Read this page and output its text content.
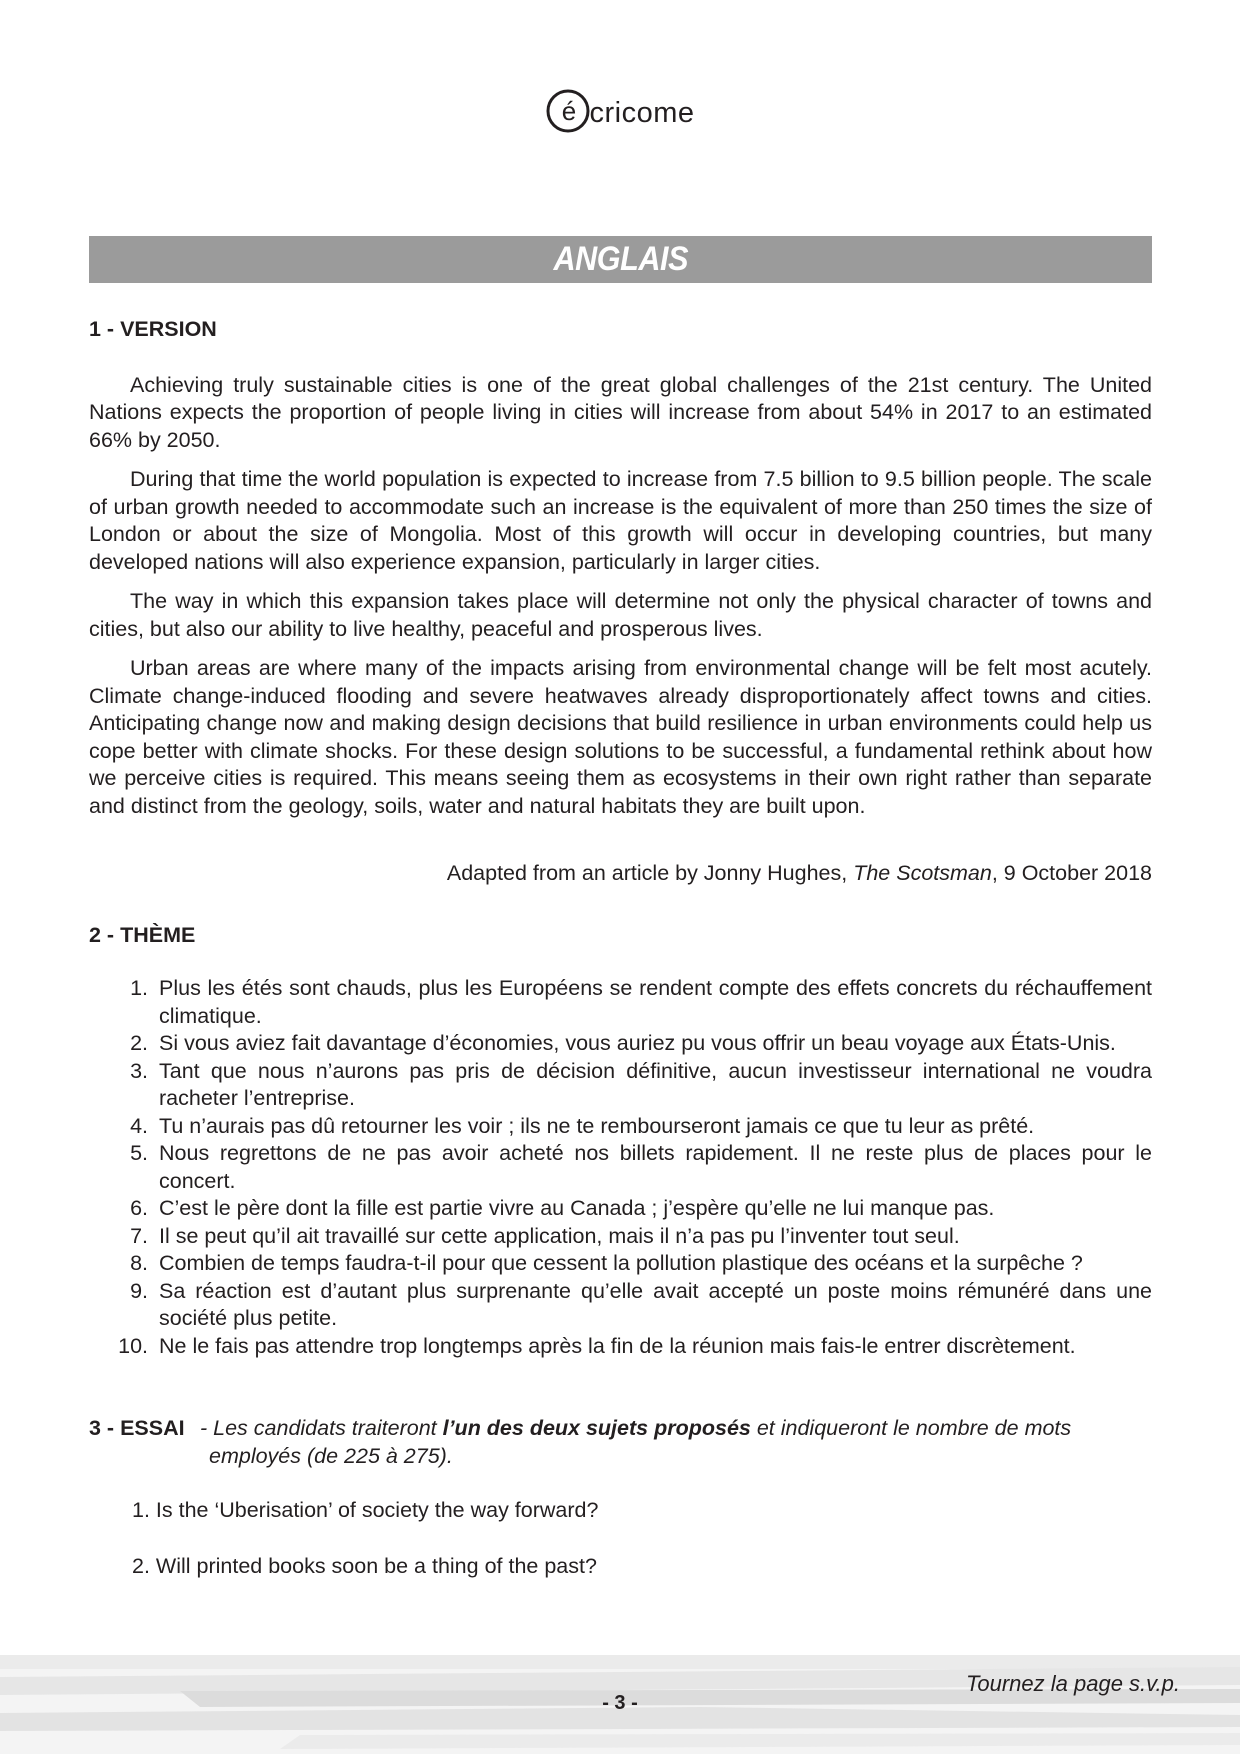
é cricome
ANGLAIS

1 - VERSION

Achieving truly sustainable cities is one of the great global challenges of the 21st century. The United Nations expects the proportion of people living in cities will increase from about 54% in 2017 to an estimated 66% by 2050.

During that time the world population is expected to increase from 7.5 billion to 9.5 billion people. The scale of urban growth needed to accommodate such an increase is the equivalent of more than 250 times the size of London or about the size of Mongolia. Most of this growth will occur in developing countries, but many developed nations will also experience expansion, particularly in larger cities.

The way in which this expansion takes place will determine not only the physical character of towns and cities, but also our ability to live healthy, peaceful and prosperous lives.

Urban areas are where many of the impacts arising from environmental change will be felt most acutely. Climate change-induced flooding and severe heatwaves already disproportionately affect towns and cities. Anticipating change now and making design decisions that build resilience in urban environments could help us cope better with climate shocks. For these design solutions to be successful, a fundamental rethink about how we perceive cities is required. This means seeing them as ecosystems in their own right rather than separate and distinct from the geology, soils, water and natural habitats they are built upon.

Adapted from an article by Jonny Hughes, The Scotsman, 9 October 2018

2 - THÈME

1. Plus les étés sont chauds, plus les Européens se rendent compte des effets concrets du réchauffement climatique.
2. Si vous aviez fait davantage d’économies, vous auriez pu vous offrir un beau voyage aux États-Unis.
3. Tant que nous n’aurons pas pris de décision définitive, aucun investisseur international ne voudra racheter l’entreprise.
4. Tu n’aurais pas dû retourner les voir ; ils ne te rembourseront jamais ce que tu leur as prêté.
5. Nous regrettons de ne pas avoir acheté nos billets rapidement. Il ne reste plus de places pour le concert.
6. C’est le père dont la fille est partie vivre au Canada ; j’espère qu’elle ne lui manque pas.
7. Il se peut qu’il ait travaillé sur cette application, mais il n’a pas pu l’inventer tout seul.
8. Combien de temps faudra-t-il pour que cessent la pollution plastique des océans et la surpêche ?
9. Sa réaction est d’autant plus surprenante qu’elle avait accepté un poste moins rémunéré dans une société plus petite.
10. Ne le fais pas attendre trop longtemps après la fin de la réunion mais fais-le entrer discrètement.
3 - ESSAI - Les candidats traiteront l’un des deux sujets proposés et indiqueront le nombre de mots employés (de 225 à 275).
1. Is the ‘Uberisation’ of society the way forward?
2. Will printed books soon be a thing of the past?
Tournez la page s.v.p.
- 3 -
